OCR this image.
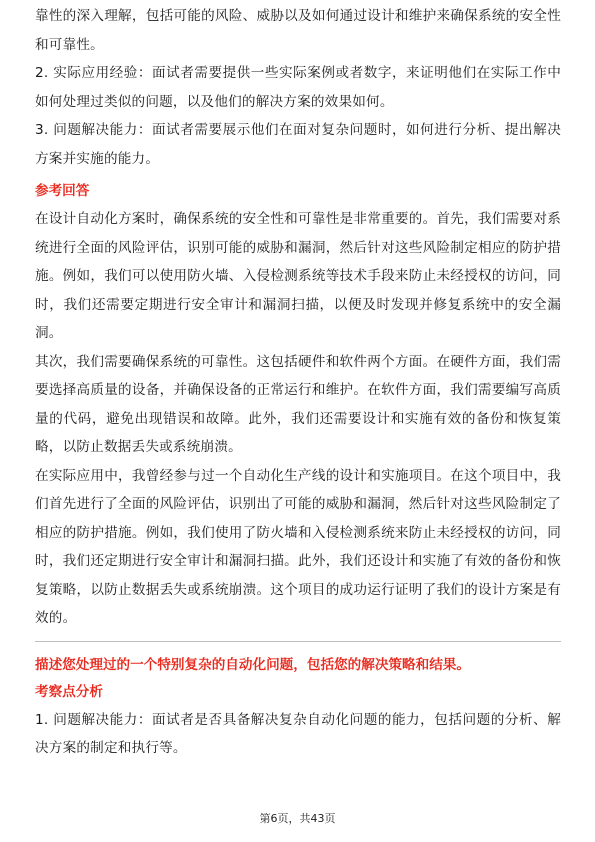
靠性的深入理解，包括可能的风险、威胁以及如何通过设计和维护来确保系统的安全性和可靠性。

2. 实际应用经验：面试者需要提供一些实际案例或者数字，来证明他们在实际工作中如何处理过类似的问题，以及他们的解决方案的效果如何。

3. 问题解决能力：面试者需要展示他们在面对复杂问题时，如何进行分析、提出解决方案并实施的能力。

参考回答

在设计自动化方案时，确保系统的安全性和可靠性是非常重要的。首先，我们需要对系统进行全面的风险评估，识别可能的威胁和漏洞，然后针对这些风险制定相应的防护措施。例如，我们可以使用防火墙、入侵检测系统等技术手段来防止未经授权的访问，同时，我们还需要定期进行安全审计和漏洞扫描，以便及时发现并修复系统中的安全漏洞。

其次，我们需要确保系统的可靠性。这包括硬件和软件两个方面。在硬件方面，我们需要选择高质量的设备，并确保设备的正常运行和维护。在软件方面，我们需要编写高质量的代码，避免出现错误和故障。此外，我们还需要设计和实施有效的备份和恢复策略，以防止数据丢失或系统崩溃。

在实际应用中，我曾经参与过一个自动化生产线的设计和实施项目。在这个项目中，我们首先进行了全面的风险评估，识别出了可能的威胁和漏洞，然后针对这些风险制定了相应的防护措施。例如，我们使用了防火墙和入侵检测系统来防止未经授权的访问，同时，我们还定期进行安全审计和漏洞扫描。此外，我们还设计和实施了有效的备份和恢复策略，以防止数据丢失或系统崩溃。这个项目的成功运行证明了我们的设计方案是有效的。

描述您处理过的一个特别复杂的自动化问题，包括您的解决策略和结果。

考察点分析

1. 问题解决能力：面试者是否具备解决复杂自动化问题的能力，包括问题的分析、解决方案的制定和执行等。

第6页，共43页
